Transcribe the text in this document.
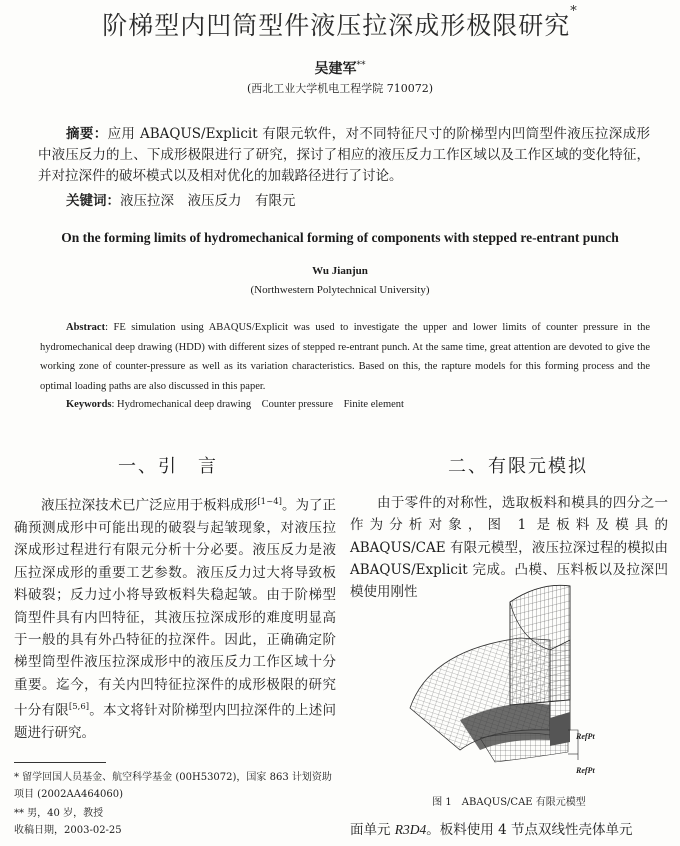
阶梯型内凹筒型件液压拉深成形极限研究*
吴建军**
(西北工业大学机电工程学院 710072)
摘要：应用 ABAQUS/Explicit 有限元软件，对不同特征尺寸的阶梯型内凹筒型件液压拉深成形中液压反力的上、下成形极限进行了研究，探讨了相应的液压反力工作区域以及工作区域的变化特征，并对拉深件的破坏模式以及相对优化的加载路径进行了讨论。
关键词：液压拉深　液压反力　有限元
On the forming limits of hydromechanical forming of components with stepped re-entrant punch
Wu Jianjun
(Northwestern Polytechnical University)
Abstract: FE simulation using ABAQUS/Explicit was used to investigate the upper and lower limits of counter pressure in the hydromechanical deep drawing (HDD) with different sizes of stepped re-entrant punch. At the same time, great attention are devoted to give the working zone of counter-pressure as well as its variation characteristics. Based on this, the rapture models for this forming process and the optimal loading paths are also discussed in this paper.
Keywords: Hydromechanical deep drawing　Counter pressure　Finite element
一、引　言	二、有限元模拟
液压拉深技术已广泛应用于板料成形[1~4]。为了正确预测成形中可能出现的破裂与起皱现象，对液压拉深成形过程进行有限元分析十分必要。液压反力是液压拉深成形的重要工艺参数。液压反力过大将导致板料破裂；反力过小将导致板料失稳起皱。由于阶梯型筒型件具有内凹特征，其液压拉深成形的难度明显高于一般的具有外凸特征的拉深件。因此，正确确定阶梯型筒型件液压拉深成形中的液压反力工作区域十分重要。迄今，有关内凹特征拉深件的成形极限的研究十分有限[5,6]。本文将针对阶梯型内凹拉深件的上述问题进行研究。
* 留学回国人员基金、航空科学基金 (00H53072)，国家 863 计划资助项目 (2002AA464060)
** 男，40 岁，教授
收稿日期，2003-02-25
由于零件的对称性，选取板料和模具的四分之一作为分析对象，图 1 是板料及模具的 ABAQUS/CAE 有限元模型，液压拉深过程的模拟由 ABAQUS/Explicit 完成。凸模、压料板以及拉深凹模使用刚性
RefPt
RefPt
图 1　ABAQUS/CAE 有限元模型
面单元 R3D4。板料使用 4 节点双线性壳体单元
